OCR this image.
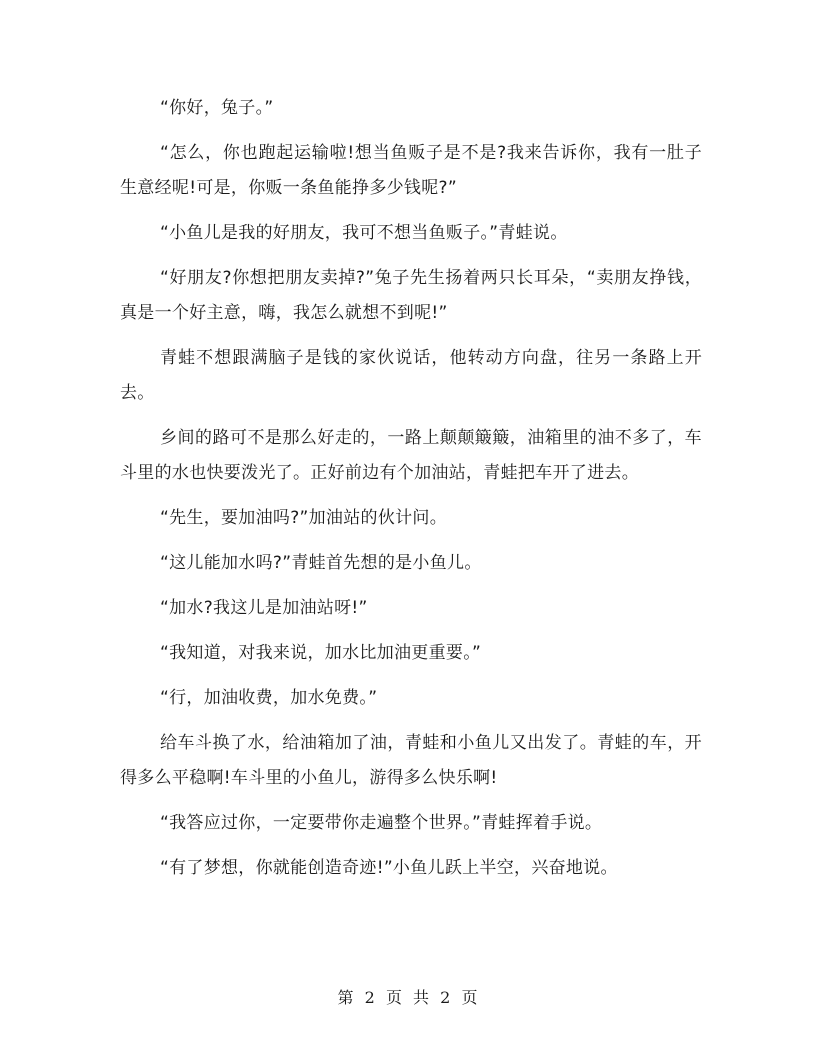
“你好，兔子。”

“怎么，你也跑起运输啦!想当鱼贩子是不是?我来告诉你，我有一肚子生意经呢!可是，你贩一条鱼能挣多少钱呢?”

“小鱼儿是我的好朋友，我可不想当鱼贩子。”青蛙说。

“好朋友?你想把朋友卖掉?”兔子先生扬着两只长耳朵，“卖朋友挣钱，真是一个好主意，嗨，我怎么就想不到呢!”

青蛙不想跟满脑子是钱的家伙说话，他转动方向盘，往另一条路上开去。

乡间的路可不是那么好走的，一路上颠颠簸簸，油箱里的油不多了，车斗里的水也快要泼光了。正好前边有个加油站，青蛙把车开了进去。

“先生，要加油吗?”加油站的伙计问。

“这儿能加水吗?”青蛙首先想的是小鱼儿。

“加水?我这儿是加油站呀!”

“我知道，对我来说，加水比加油更重要。”

“行，加油收费，加水免费。”

给车斗换了水，给油箱加了油，青蛙和小鱼儿又出发了。青蛙的车，开得多么平稳啊!车斗里的小鱼儿，游得多么快乐啊!

“我答应过你，一定要带你走遍整个世界。”青蛙挥着手说。

“有了梦想，你就能创造奇迹!”小鱼儿跃上半空，兴奋地说。

第 2 页 共 2 页
